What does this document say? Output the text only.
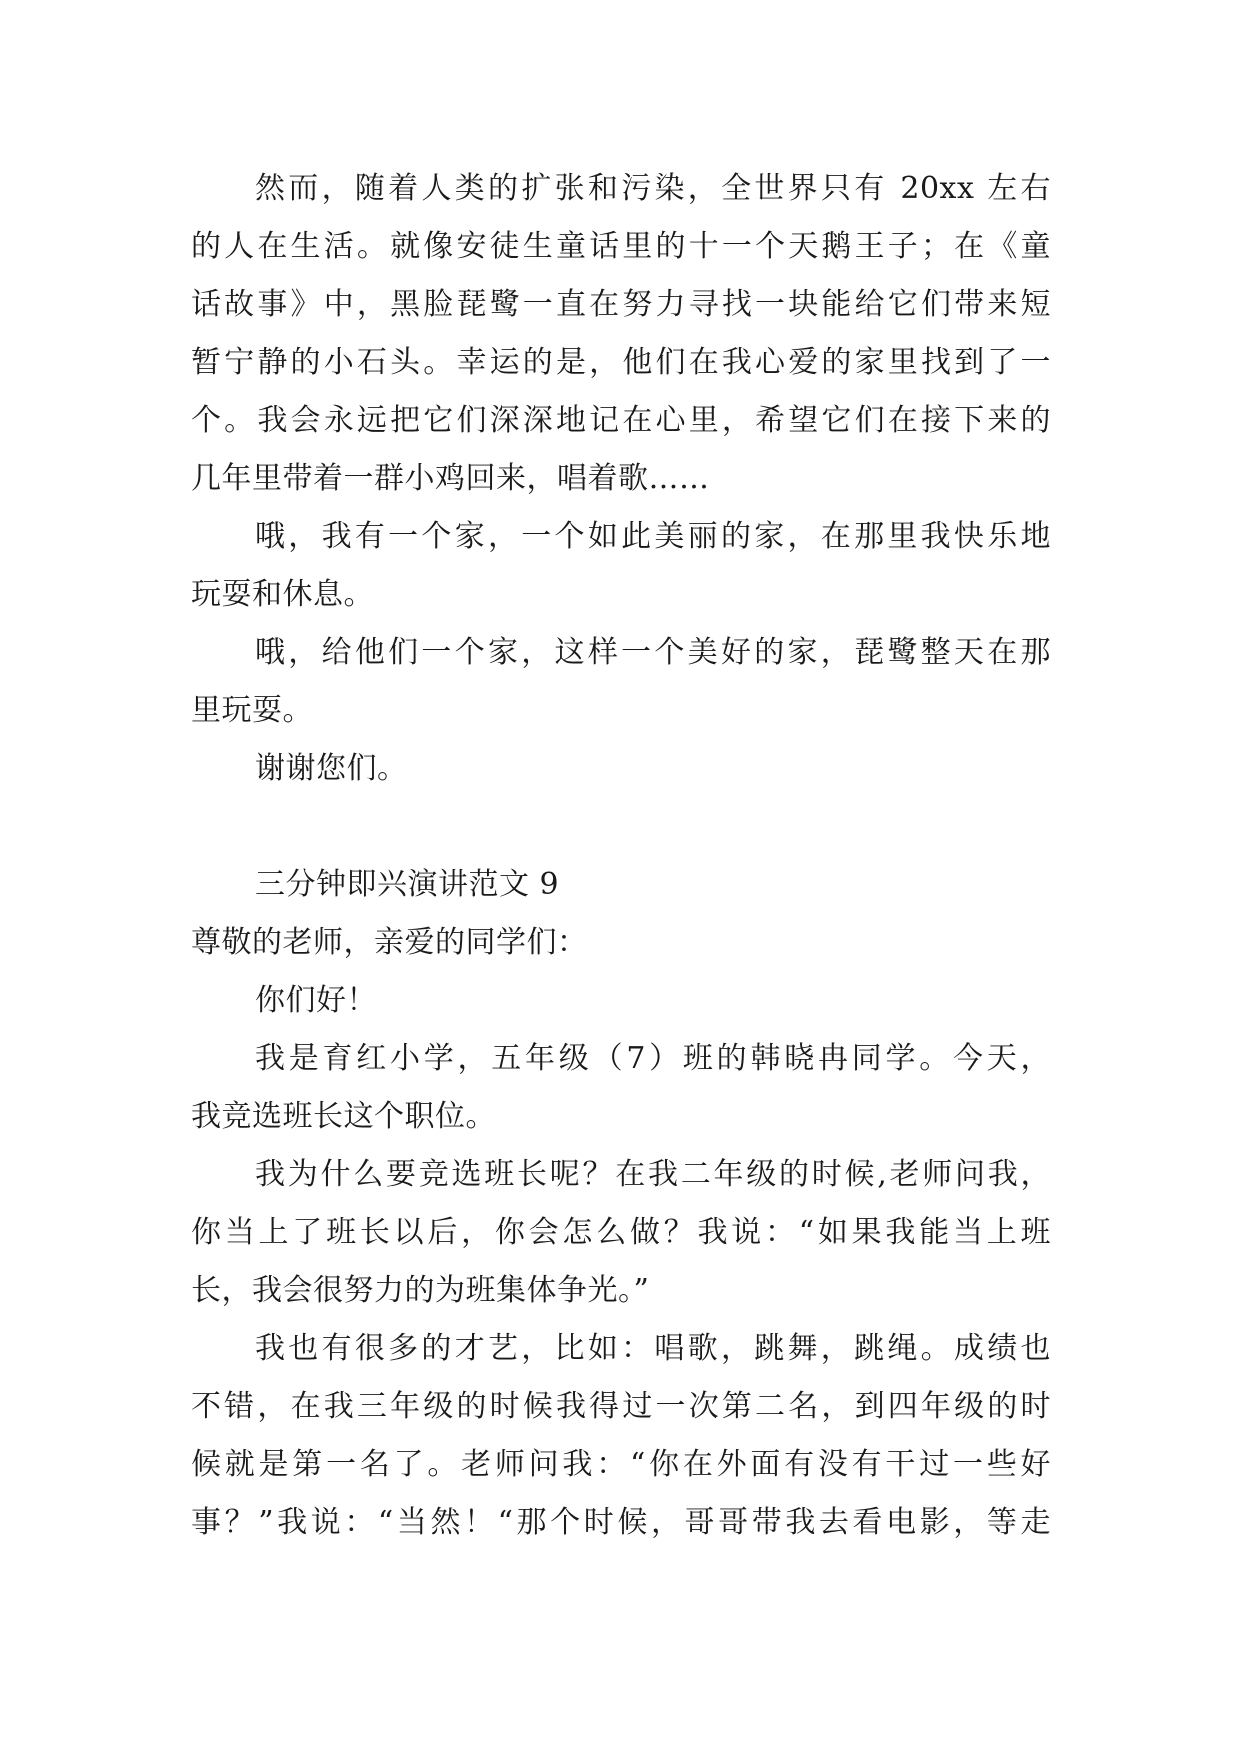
然而，随着人类的扩张和污染，全世界只有 20xx 左右
的人在生活。就像安徒生童话里的十一个天鹅王子；在《童
话故事》中，黑脸琵鹭一直在努力寻找一块能给它们带来短
暂宁静的小石头。幸运的是，他们在我心爱的家里找到了一
个。我会永远把它们深深地记在心里，希望它们在接下来的
几年里带着一群小鸡回来，唱着歌……
哦，我有一个家，一个如此美丽的家，在那里我快乐地
玩耍和休息。
哦，给他们一个家，这样一个美好的家，琵鹭整天在那
里玩耍。
谢谢您们。
三分钟即兴演讲范文 9
尊敬的老师，亲爱的同学们：
你们好！
我是育红小学，五年级（7）班的韩晓冉同学。今天，
我竞选班长这个职位。
我为什么要竞选班长呢？在我二年级的时候,老师问我，
你当上了班长以后，你会怎么做？我说：“如果我能当上班
长，我会很努力的为班集体争光。”
我也有很多的才艺，比如：唱歌，跳舞，跳绳。成绩也
不错，在我三年级的时候我得过一次第二名，到四年级的时
候就是第一名了。老师问我：“你在外面有没有干过一些好
事？”我说：“当然！“那个时候，哥哥带我去看电影，等走
